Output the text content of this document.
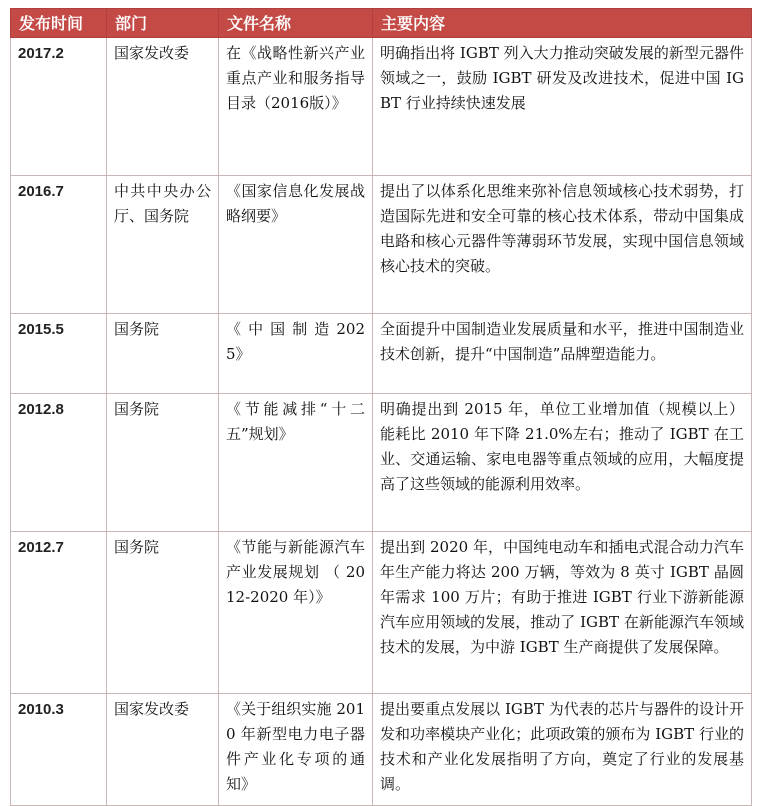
发布时间	部门	文件名称	主要内容
2017.2	国家发改委	在《战略性新兴产业重点产业和服务指导目录（2016版）》	明确指出将 IGBT 列入大力推动突破发展的新型元器件领域之一，鼓励 IGBT 研发及改进技术，促进中国 IGBT 行业持续快速发展
2016.7	中共中央办公厅、国务院	《国家信息化发展战略纲要》	提出了以体系化思维来弥补信息领域核心技术弱势，打造国际先进和安全可靠的核心技术体系，带动中国集成电路和核心元器件等薄弱环节发展，实现中国信息领域核心技术的突破。
2015.5	国务院	《 中 国 制 造 2025》	全面提升中国制造业发展质量和水平，推进中国制造业技术创新，提升“中国制造”品牌塑造能力。
2012.8	国务院	《节能减排“十二五”规划》	明确提出到 2015 年，单位工业增加值（规模以上） 能耗比 2010 年下降 21.0%左右；推动了 IGBT 在工业、交通运输、家电电器等重点领域的应用，大幅度提高了这些领域的能源利用效率。
2012.7	国务院	《节能与新能源汽车产业发展规划 （ 2012-2020 年）》	提出到 2020 年，中国纯电动车和插电式混合动力汽车年生产能力将达 200 万辆，等效为 8 英寸 IGBT 晶圆年需求 100 万片；有助于推进 IGBT 行业下游新能源汽车应用领域的发展，推动了 IGBT 在新能源汽车领域技术的发展，为中游 IGBT 生产商提供了发展保障。
2010.3	国家发改委	《关于组织实施 2010 年新型电力电子器件产业化专项的通知》	提出要重点发展以 IGBT 为代表的芯片与器件的设计开发和功率模块产业化；此项政策的颁布为 IGBT 行业的技术和产业化发展指明了方向，奠定了行业的发展基调。
